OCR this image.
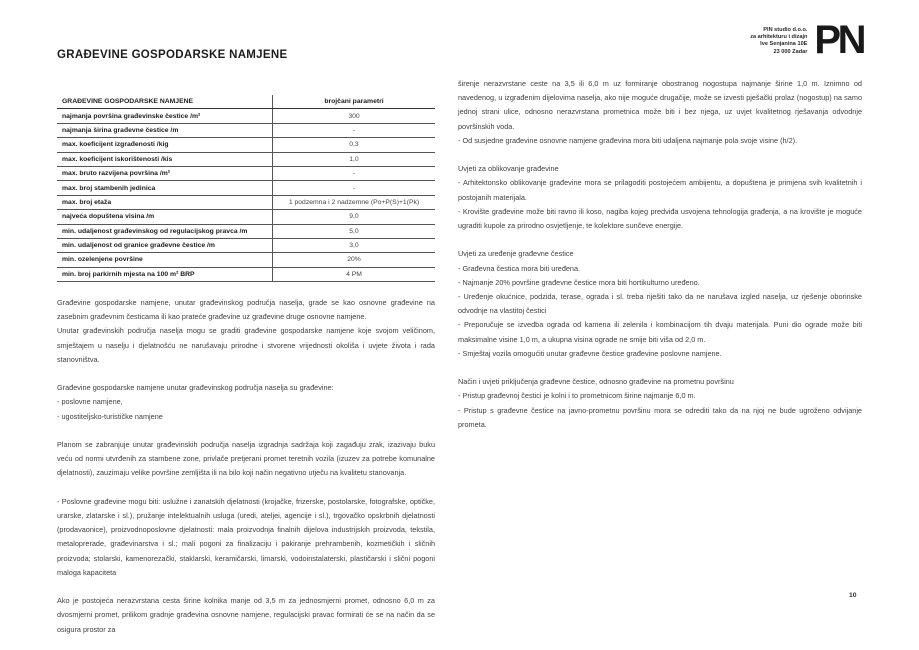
PIN studio d.o.o.
za arhitekturu i dizajn
Ive Senjanina 10E
23 000 Zadar PN
GRAĐEVINE GOSPODARSKE NAMJENE
GRAĐEVINE GOSPODARSKE NAMJENE	brojčani parametri
najmanja površina građevinske čestice /m²	300
najmanja širina građevne čestice /m	-
max. koeficijent izgrađenosti /kig	0,3
max. koeficijent iskorištenosti /kis	1,0
max. bruto razvijena površina /m²	-
max. broj stambenih jedinica	-
max. broj etaža	1 podzemna i 2 nadzemne (Po+P(S)+1(Pk)
najveća dopuštena visina /m	9,0
min. udaljenost građevinskog od regulacijskog pravca /m	5,0
min. udaljenost od granice građevne čestice /m	3,0
min. ozelenjene površine	20%
min. broj parkirnih mjesta na 100 m² BRP	4 PM

Građevine gospodarske namjene, unutar građevinskog područja naselja, grade se kao osnovne građevine na zasebnim građevnim česticama ili kao prateće građevine uz građevine druge osnovne namjene.

Unutar građevinskih područja naselja mogu se graditi građevine gospodarske namjene koje svojom veličinom, smještajem u naselju i djelatnošću ne narušavaju prirodne i stvorene vrijednosti okoliša i uvjete života i rada stanovništva.

Građevine gospodarske namjene unutar građevinskog područja naselja su građevine:

- poslovne namjene,

- ugostiteljsko-turističke namjene

Planom se zabranjuje unutar građevinskih područja naselja izgradnja sadržaja koji zagađuju zrak, izazivaju buku veću od normi utvrđenih za stambene zone, privlače pretjerani promet teretnih vozila (izuzev za potrebe komunalne djelatnosti), zauzimaju velike površine zemljišta ili na bilo koji način negativno utječu na kvalitetu stanovanja.

- Poslovne građevine mogu biti: uslužne i zanatskih djelatnosti (krojačke, frizerske, postolarske, fotografske, optičke, urarske, zlatarske i sl.), pružanje intelektualnih usluga (uredi, ateljei, agencije i sl.), trgovačko opskrbnih djelatnosti (prodavaonice), proizvodnoposlovne djelatnosti: mala proizvodnja finalnih dijelova industrijskih proizvoda, tekstila, metaloprerade, građevinarstva i sl.; mali pogoni za finalizaciju i pakiranje prehrambenih, kozmetičkih i sličnih proizvoda; stolarski, kamenorezački, staklarski, keramičarski, limarski, vodoinstalaterski, plastičarski i slični pogoni maloga kapaciteta

Ako je postojeća nerazvrstana cesta širine kolnika manje od 3,5 m za jednosmjerni promet, odnosno 6,0 m za dvosmjerni promet, prilikom gradnje građevina osnovne namjene, regulacijski pravac formirati će se na način da se osigura prostor za

širenje nerazvrstane ceste na 3,5 ili 6,0 m uz formiranje obostranog nogostupa najmanje širine 1,0 m. Iznimno od navedenog, u izgrađenim dijelovima naselja, ako nije moguće drugačije, može se izvesti pješački prolaz (nogostup) na samo jednoj strani ulice, odnosno nerazvrstana prometnica može biti i bez njega, uz uvjet kvalitetnog rješavanja odvodnje površinskih voda.

- Od susjedne građevine osnovne namjene građevina mora biti udaljena najmanje pola svoje visine (h/2).

Uvjeti za oblikovanje građevine

- Arhitektonsko oblikovanje građevine mora se prilagoditi postojećem ambijentu, a dopuštena je primjena svih kvalitetnih i postojanih materijala.

- Krovište građevine može biti ravno ili koso, nagiba kojeg predviđa usvojena tehnologija građenja, a na krovište je moguće ugraditi kupole za prirodno osvjetljenje, te kolektore sunčeve energije.

Uvjeti za uređenje građevne čestice

- Građevna čestica mora biti uređena.

- Najmanje 20% površine građevne čestice mora biti hortikulturno uređeno.

- Uređenje okućnice, podzida, terase, ograda i sl. treba riješiti tako da ne narušava izgled naselja, uz rješenje oborinske odvodnje na vlastitoj čestici

- Preporučuje se izvedba ograda od kamena ili zelenila i kombinacijom tih dvaju materijala. Puni dio ograde može biti maksimalne visine 1,0 m, a ukupna visina ograde ne smije biti viša od 2,0 m.

- Smještaj vozila omogućiti unutar građevne čestice građevine poslovne namjene.

Način i uvjeti priključenja građevne čestice, odnosno građevine na prometnu površinu

- Pristup građevnoj čestici je kolni i to prometnicom širine najmanje 6,0 m.

- Pristup s građevne čestice na javno-prometnu površinu mora se odrediti tako da na njoj ne bude ugroženo odvijanje prometa.

10
